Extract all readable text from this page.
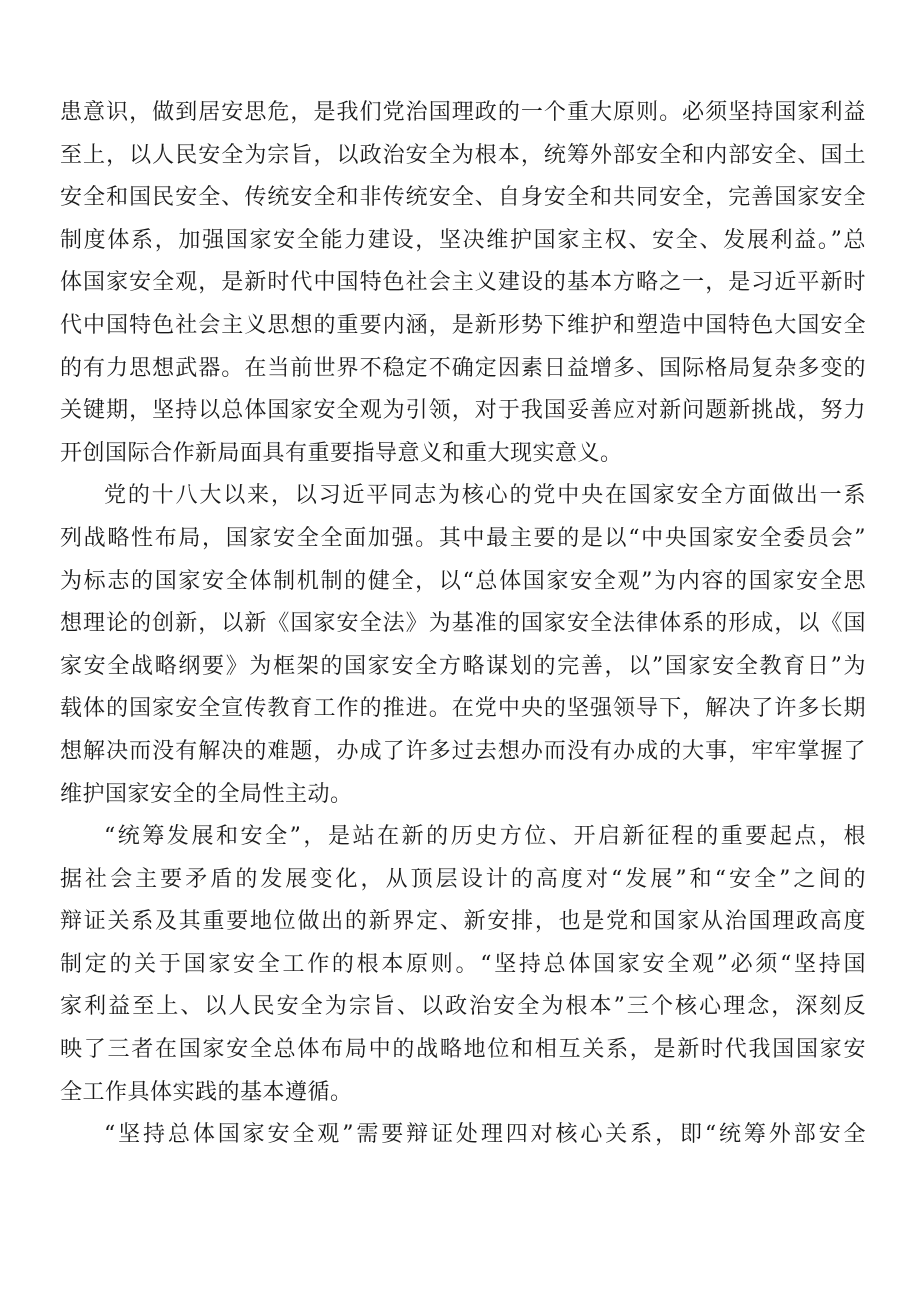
患意识，做到居安思危，是我们党治国理政的一个重大原则。必须坚持国家利益
至上，以人民安全为宗旨，以政治安全为根本，统筹外部安全和内部安全、国土
安全和国民安全、传统安全和非传统安全、自身安全和共同安全，完善国家安全
制度体系，加强国家安全能力建设，坚决维护国家主权、安全、发展利益。”总
体国家安全观，是新时代中国特色社会主义建设的基本方略之一，是习近平新时
代中国特色社会主义思想的重要内涵，是新形势下维护和塑造中国特色大国安全
的有力思想武器。在当前世界不稳定不确定因素日益增多、国际格局复杂多变的
关键期，坚持以总体国家安全观为引领，对于我国妥善应对新问题新挑战，努力
开创国际合作新局面具有重要指导意义和重大现实意义。
党的十八大以来，以习近平同志为核心的党中央在国家安全方面做出一系
列战略性布局，国家安全全面加强。其中最主要的是以“中央国家安全委员会”
为标志的国家安全体制机制的健全，以“总体国家安全观”为内容的国家安全思
想理论的创新，以新《国家安全法》为基准的国家安全法律体系的形成，以《国
家安全战略纲要》为框架的国家安全方略谋划的完善，以”国家安全教育日”为
载体的国家安全宣传教育工作的推进。在党中央的坚强领导下，解决了许多长期
想解决而没有解决的难题，办成了许多过去想办而没有办成的大事，牢牢掌握了
维护国家安全的全局性主动。
“统筹发展和安全”，是站在新的历史方位、开启新征程的重要起点，根
据社会主要矛盾的发展变化，从顶层设计的高度对“发展”和“安全”之间的
辩证关系及其重要地位做出的新界定、新安排，也是党和国家从治国理政高度
制定的关于国家安全工作的根本原则。“坚持总体国家安全观”必须“坚持国
家利益至上、以人民安全为宗旨、以政治安全为根本”三个核心理念，深刻反
映了三者在国家安全总体布局中的战略地位和相互关系，是新时代我国国家安
全工作具体实践的基本遵循。
“坚持总体国家安全观”需要辩证处理四对核心关系，即“统筹外部安全
